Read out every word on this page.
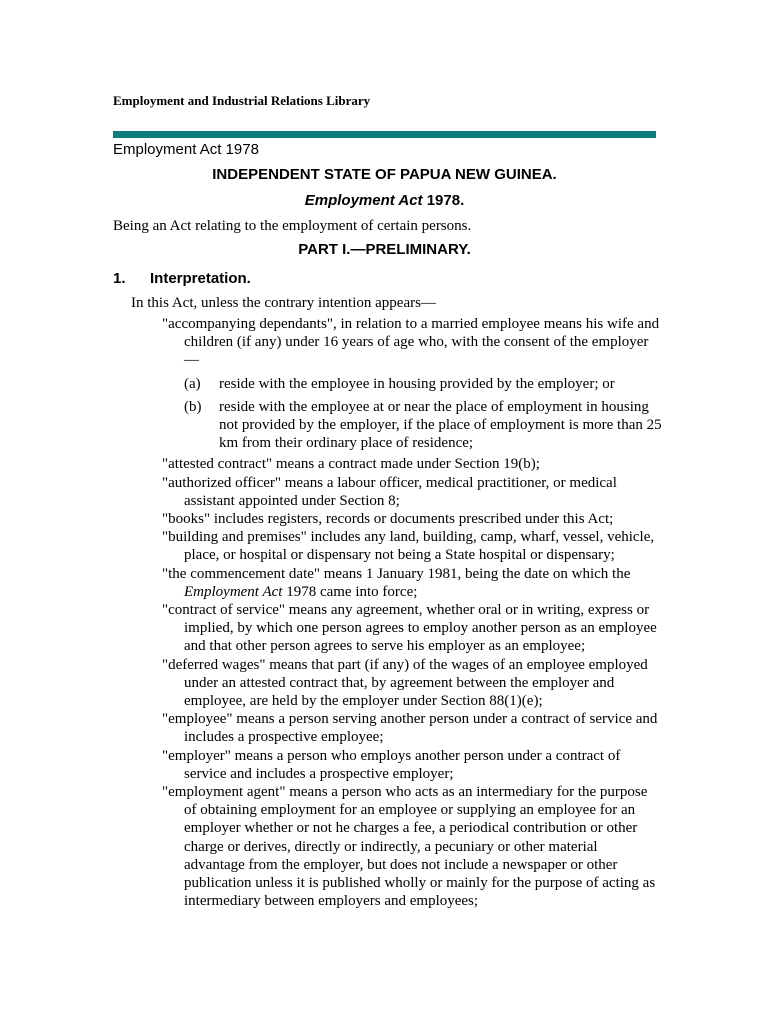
Employment and Industrial Relations Library
Employment Act 1978
INDEPENDENT STATE OF PAPUA NEW GUINEA.
Employment Act 1978.
Being an Act relating to the employment of certain persons.
PART I.—PRELIMINARY.
1. Interpretation.
In this Act, unless the contrary intention appears—

"accompanying dependants", in relation to a married employee means his wife and children (if any) under 16 years of age who, with the consent of the employer—

(a) reside with the employee in housing provided by the employer; or
(b) reside with the employee at or near the place of employment in housing not provided by the employer, if the place of employment is more than 25 km from their ordinary place of residence;

"attested contract" means a contract made under Section 19(b);

"authorized officer" means a labour officer, medical practitioner, or medical assistant appointed under Section 8;

"books" includes registers, records or documents prescribed under this Act;

"building and premises" includes any land, building, camp, wharf, vessel, vehicle, place, or hospital or dispensary not being a State hospital or dispensary;

"the commencement date" means 1 January 1981, being the date on which the Employment Act 1978 came into force;

"contract of service" means any agreement, whether oral or in writing, express or implied, by which one person agrees to employ another person as an employee and that other person agrees to serve his employer as an employee;

"deferred wages" means that part (if any) of the wages of an employee employed under an attested contract that, by agreement between the employer and employee, are held by the employer under Section 88(1)(e);

"employee" means a person serving another person under a contract of service and includes a prospective employee;

"employer" means a person who employs another person under a contract of service and includes a prospective employer;

"employment agent" means a person who acts as an intermediary for the purpose of obtaining employment for an employee or supplying an employee for an employer whether or not he charges a fee, a periodical contribution or other charge or derives, directly or indirectly, a pecuniary or other material advantage from the employer, but does not include a newspaper or other publication unless it is published wholly or mainly for the purpose of acting as intermediary between employers and employees;
